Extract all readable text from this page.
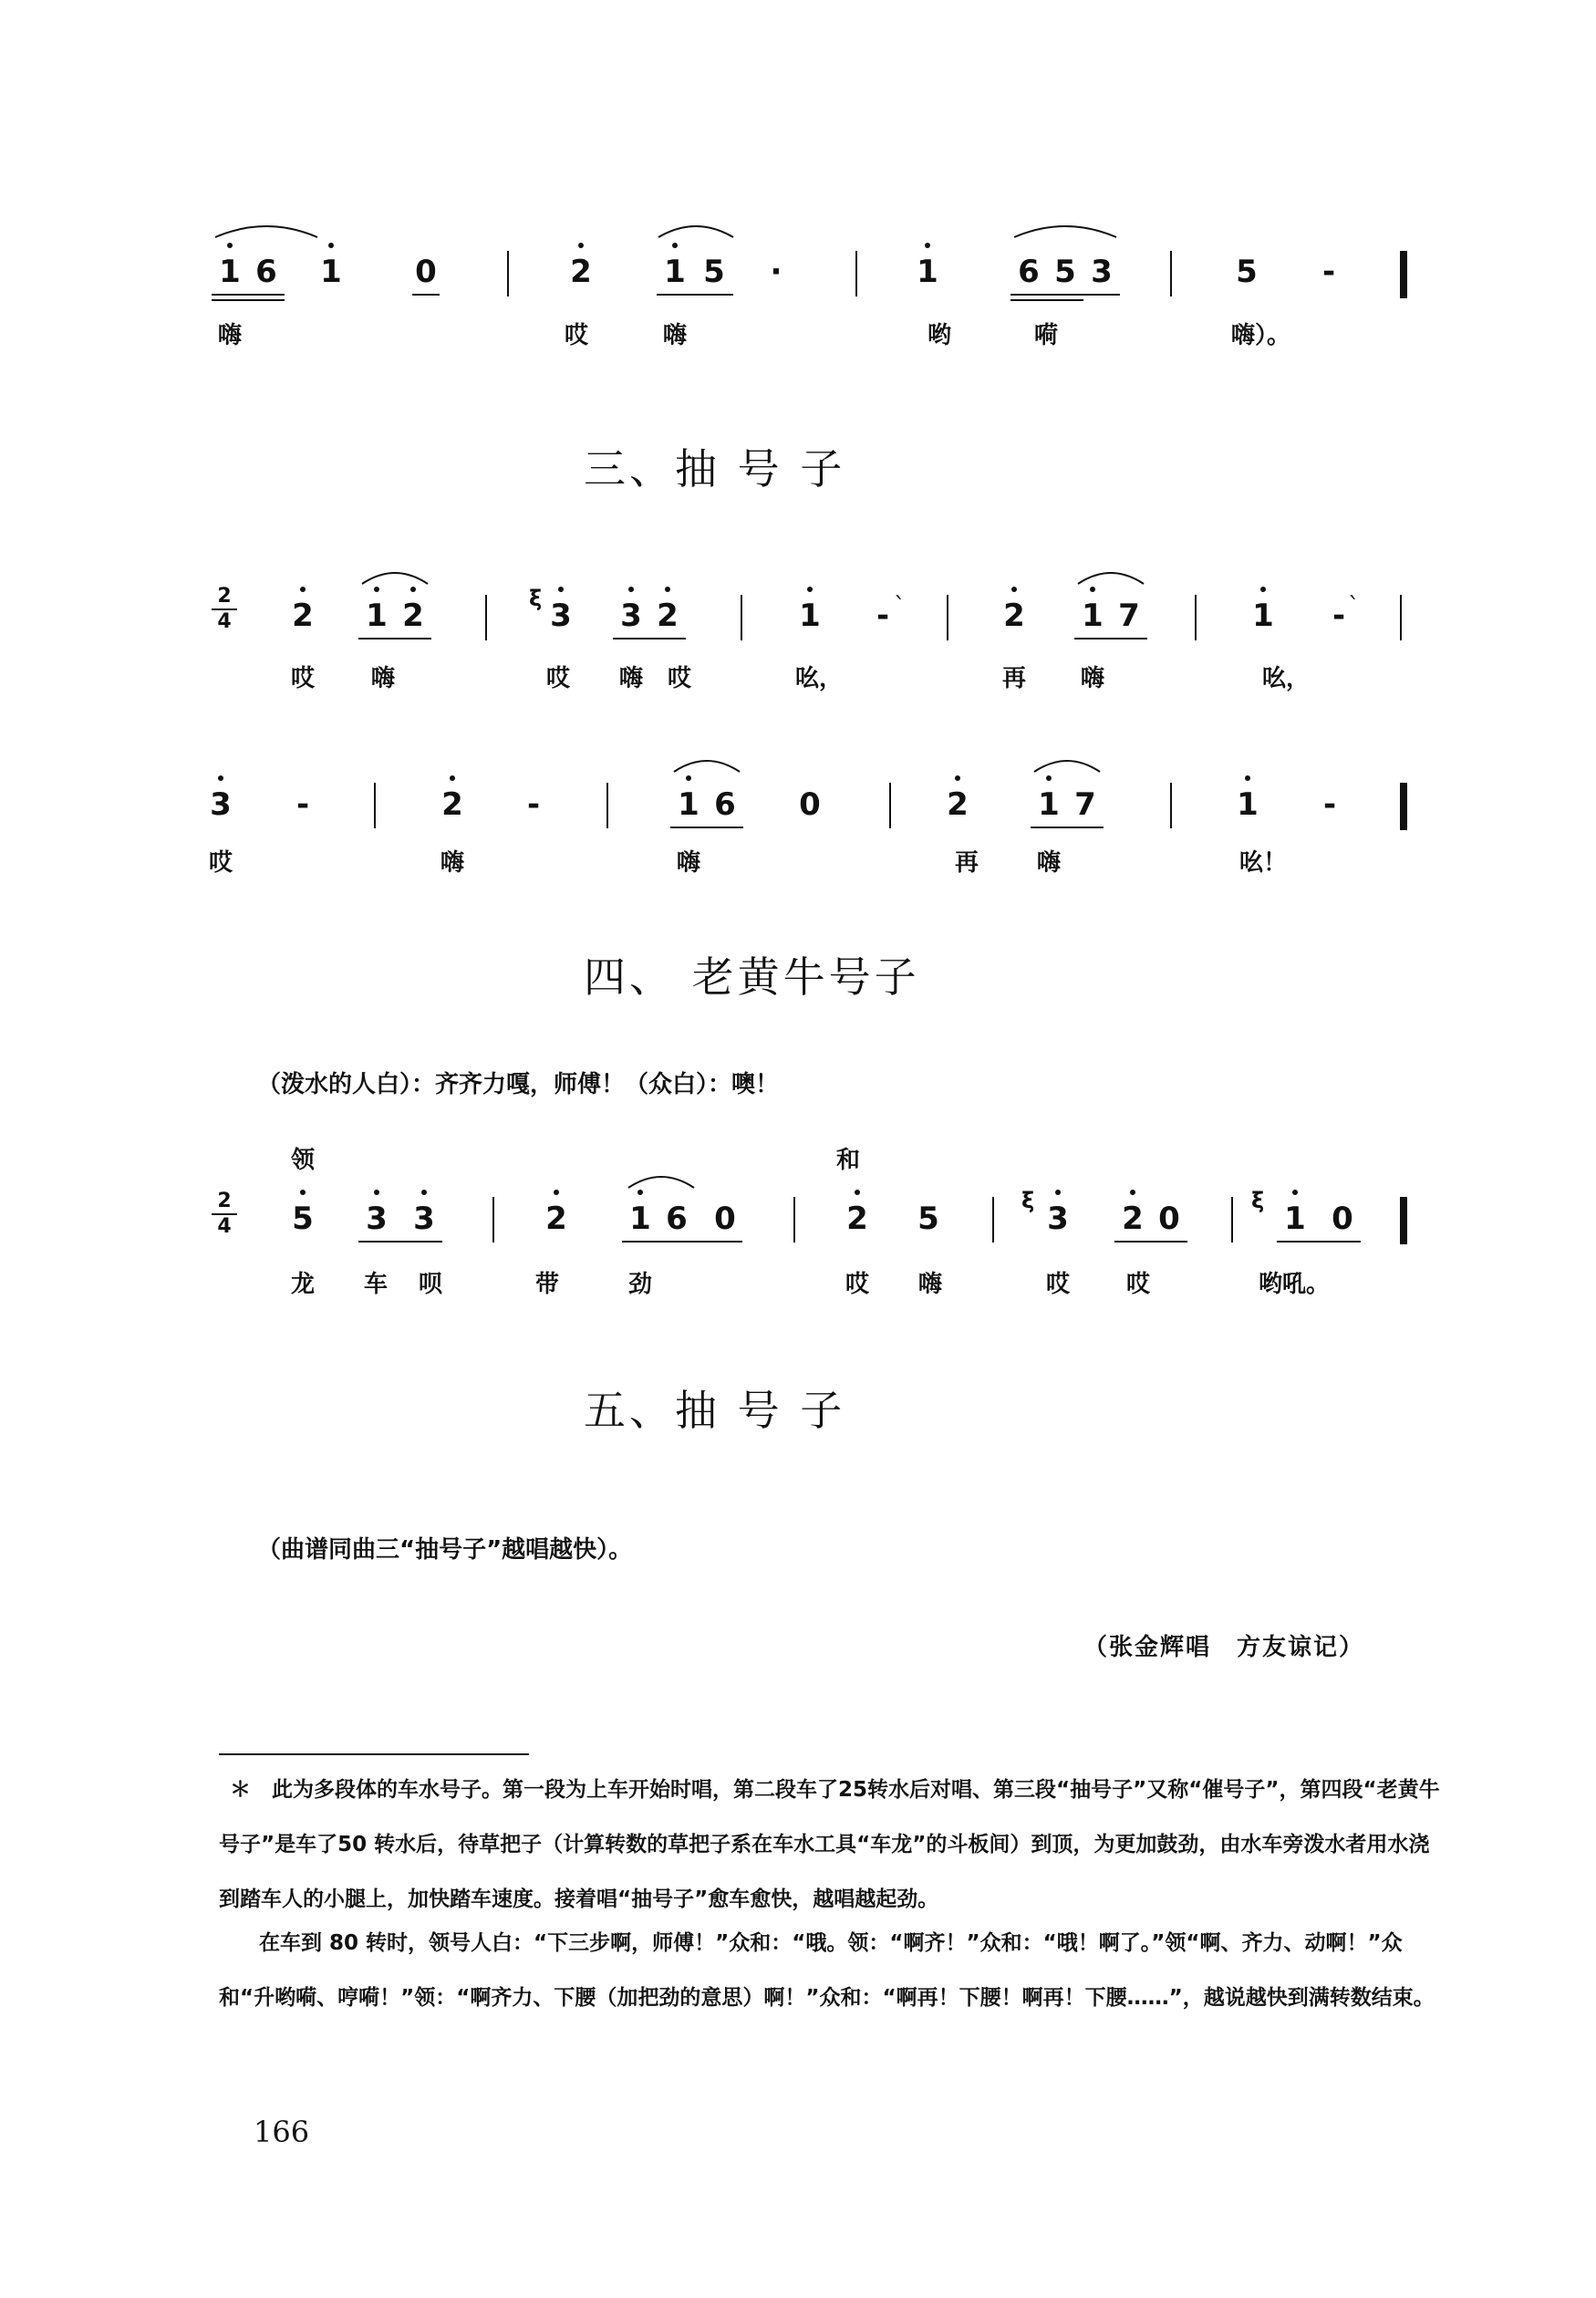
1 6 1 0	2 1 5	·	1	6 5 3	5	-
嗨	哎	嗨	哟	嗬	嗨）。
三、抽 号 子
2
4 2 1 2	ξ 3 3 2	1	- `	2 1 7	1	- `
哎	嗨	哎	嗨	哎	吆，	再	嗨	吆，
3	-	2	-	1 6 0	2 1 7	1	-
哎	嗨	嗨	再	嗨	吆！
四、 老黄牛号子
（泼水的人白）：齐齐力嘎，师傅！（众白）：噢！
领	和
2
4 5 3 3	2 1 6 0	2 5	ξ 3 2 0	ξ 1 0
龙	车	呗	带	劲	哎	嗨	哎	哎	哟吼。
五、抽 号 子
（曲谱同曲三“抽号子”越唱越快）。
（张金辉唱　方友谅记）
＊　此为多段体的车水号子。第一段为上车开始时唱，第二段车了25转水后对唱、第三段“抽号子”又称“催号子”，第四段“老黄牛号子”是车了50 转水后，待草把子（计算转数的草把子系在车水工具“车龙”的斗板间）到顶，为更加鼓劲，由水车旁泼水者用水浇到踏车人的小腿上，加快踏车速度。接着唱“抽号子”愈车愈快，越唱越起劲。
在车到 80 转时，领号人白：“下三步啊，师傅！”众和：“哦。领：“啊齐！”众和：“哦！啊了。”领“啊、齐力、动啊！”众和“升哟嗬、哼嗬！”领：“啊齐力、下腰（加把劲的意思）啊！”众和：“啊再！下腰！啊再！下腰……”，越说越快到满转数结束。
166
